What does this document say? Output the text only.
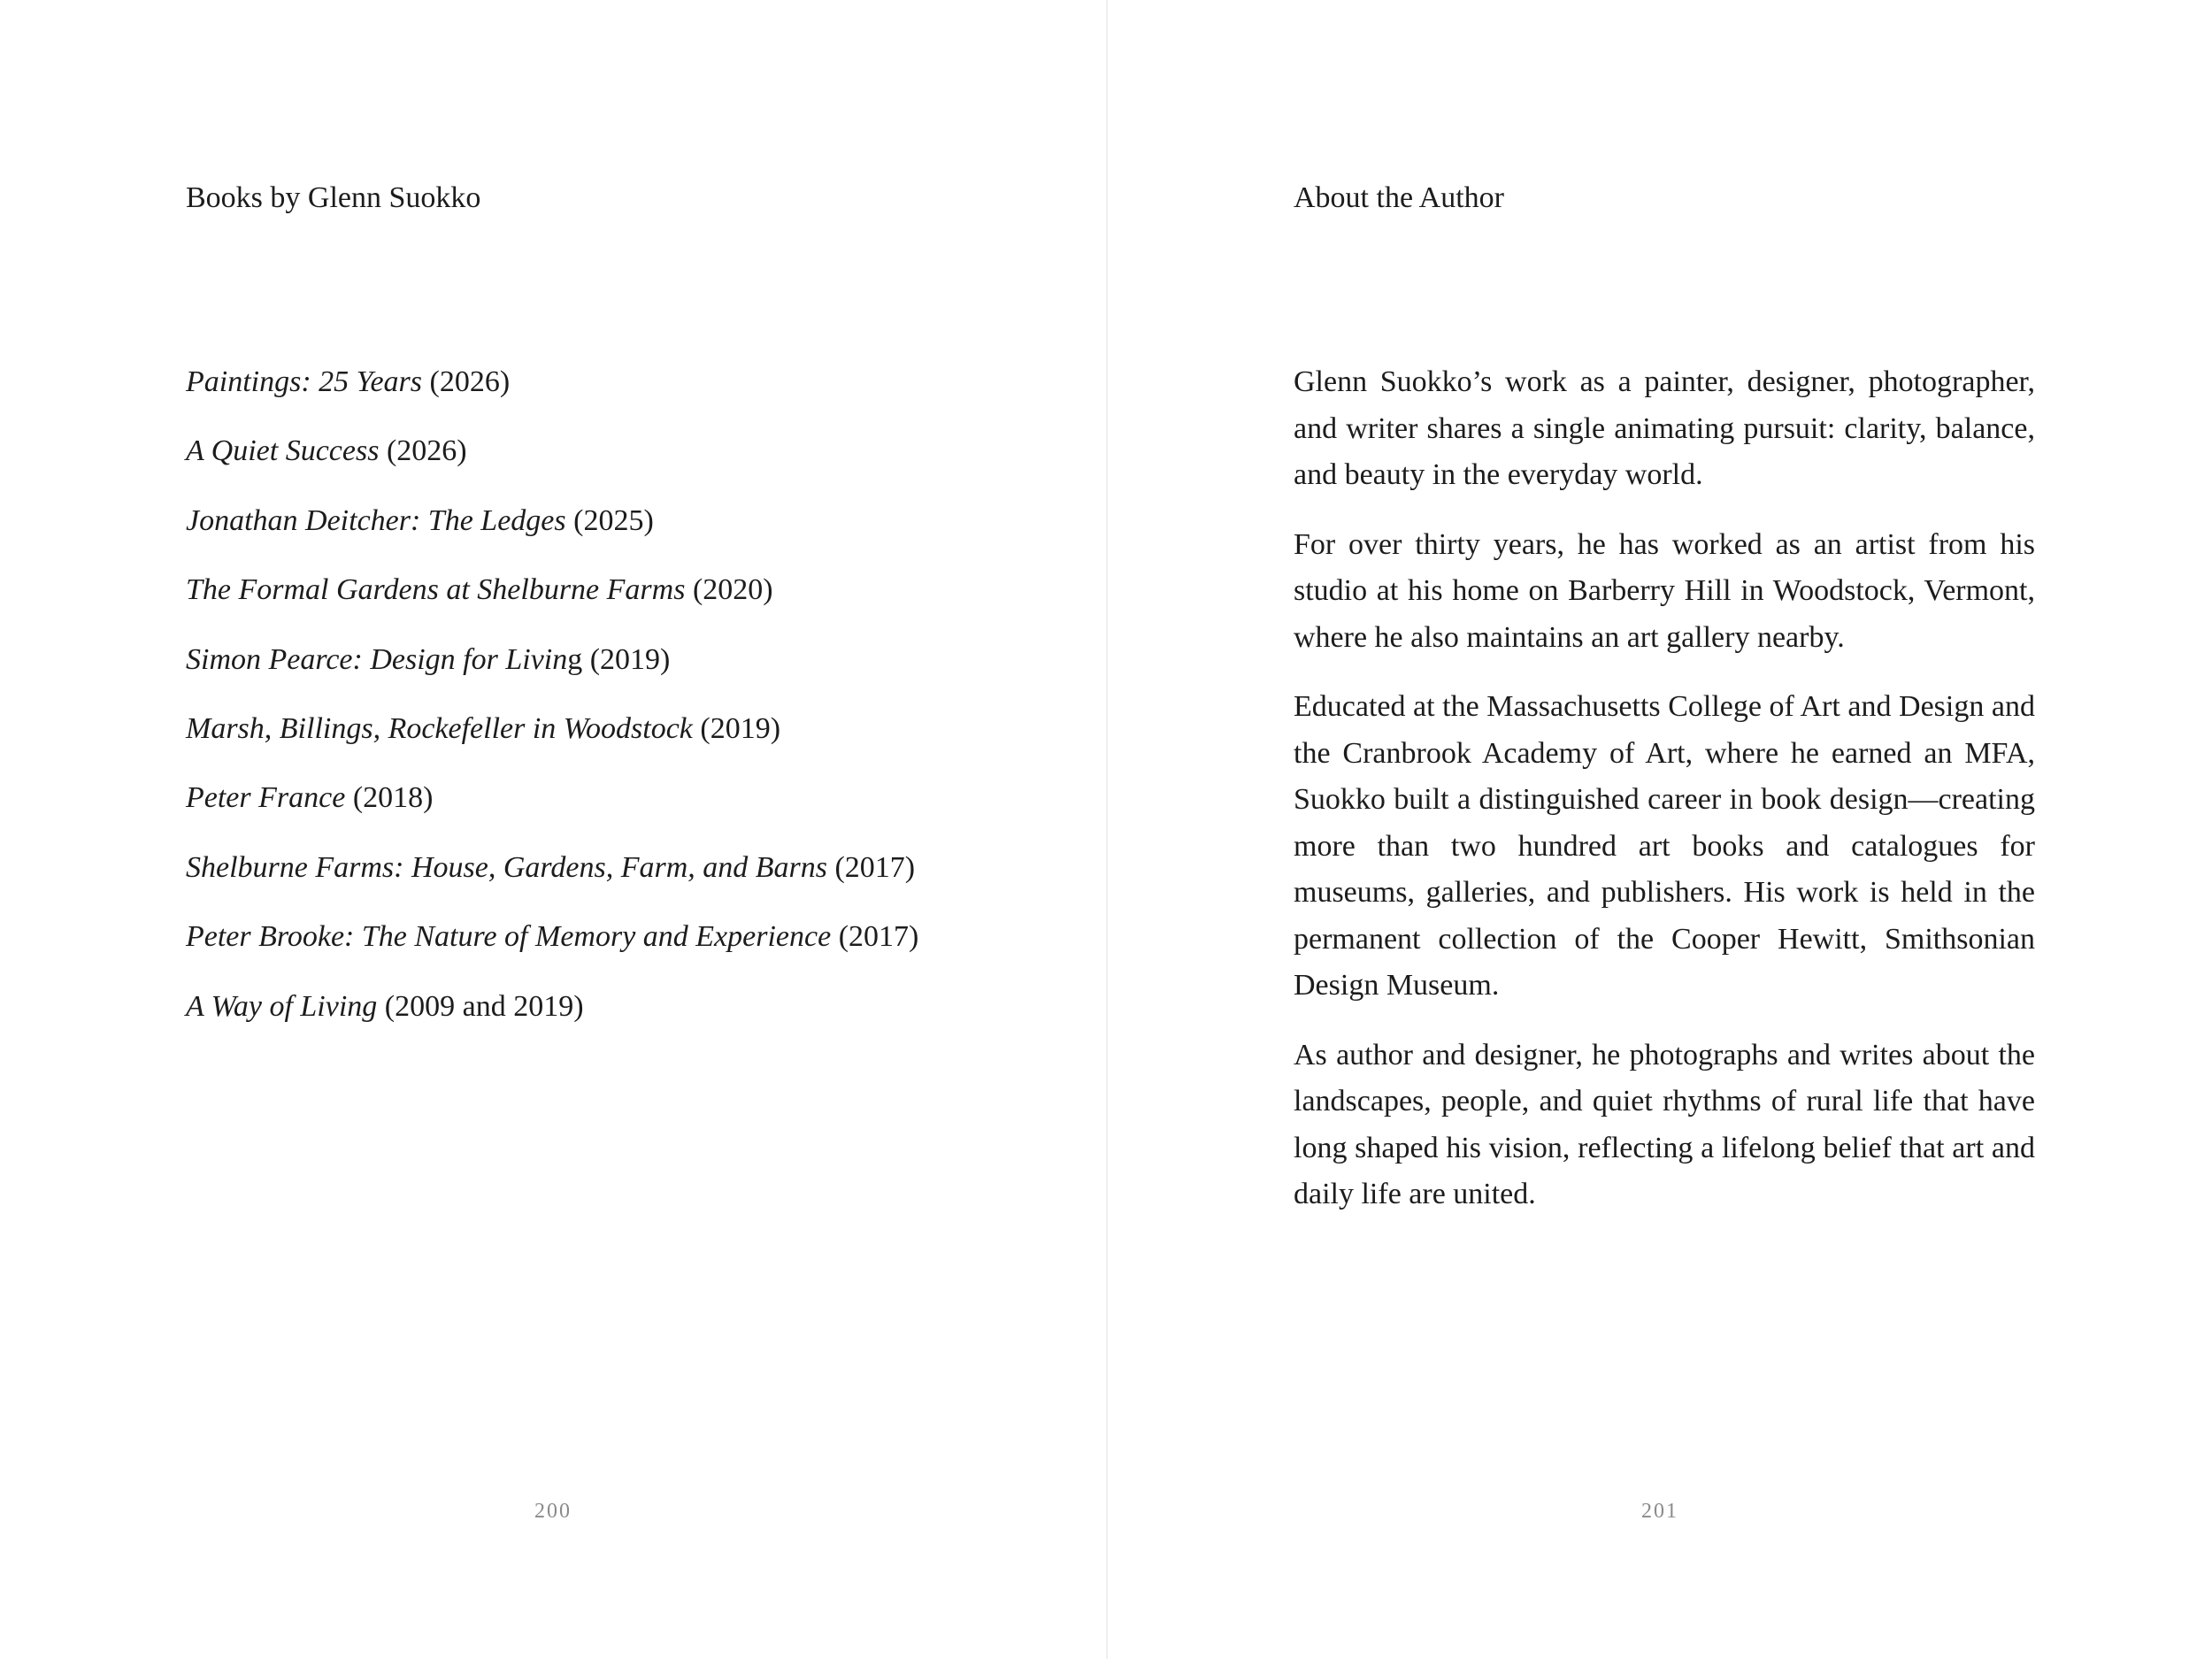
Books by Glenn Suokko
Paintings: 25 Years (2026)
A Quiet Success (2026)
Jonathan Deitcher: The Ledges (2025)
The Formal Gardens at Shelburne Farms (2020)
Simon Pearce: Design for Living (2019)
Marsh, Billings, Rockefeller in Woodstock (2019)
Peter France (2018)
Shelburne Farms: House, Gardens, Farm, and Barns (2017)
Peter Brooke: The Nature of Memory and Experience (2017)
A Way of Living (2009 and 2019)
200
About the Author

Glenn Suokko’s work as a painter, designer, photographer, and writer shares a single animating pursuit: clarity, balance, and beauty in the everyday world.

For over thirty years, he has worked as an artist from his studio at his home on Barberry Hill in Woodstock, Vermont, where he also maintains an art gallery nearby.

Educated at the Massachusetts College of Art and Design and the Cranbrook Academy of Art, where he earned an MFA, Suokko built a distinguished career in book design—creating more than two hundred art books and catalogues for museums, galleries, and publishers. His work is held in the permanent collection of the Cooper Hewitt, Smithsonian Design Museum.

As author and designer, he photographs and writes about the landscapes, people, and quiet rhythms of rural life that have long shaped his vision, reflecting a lifelong belief that art and daily life are united.

201
